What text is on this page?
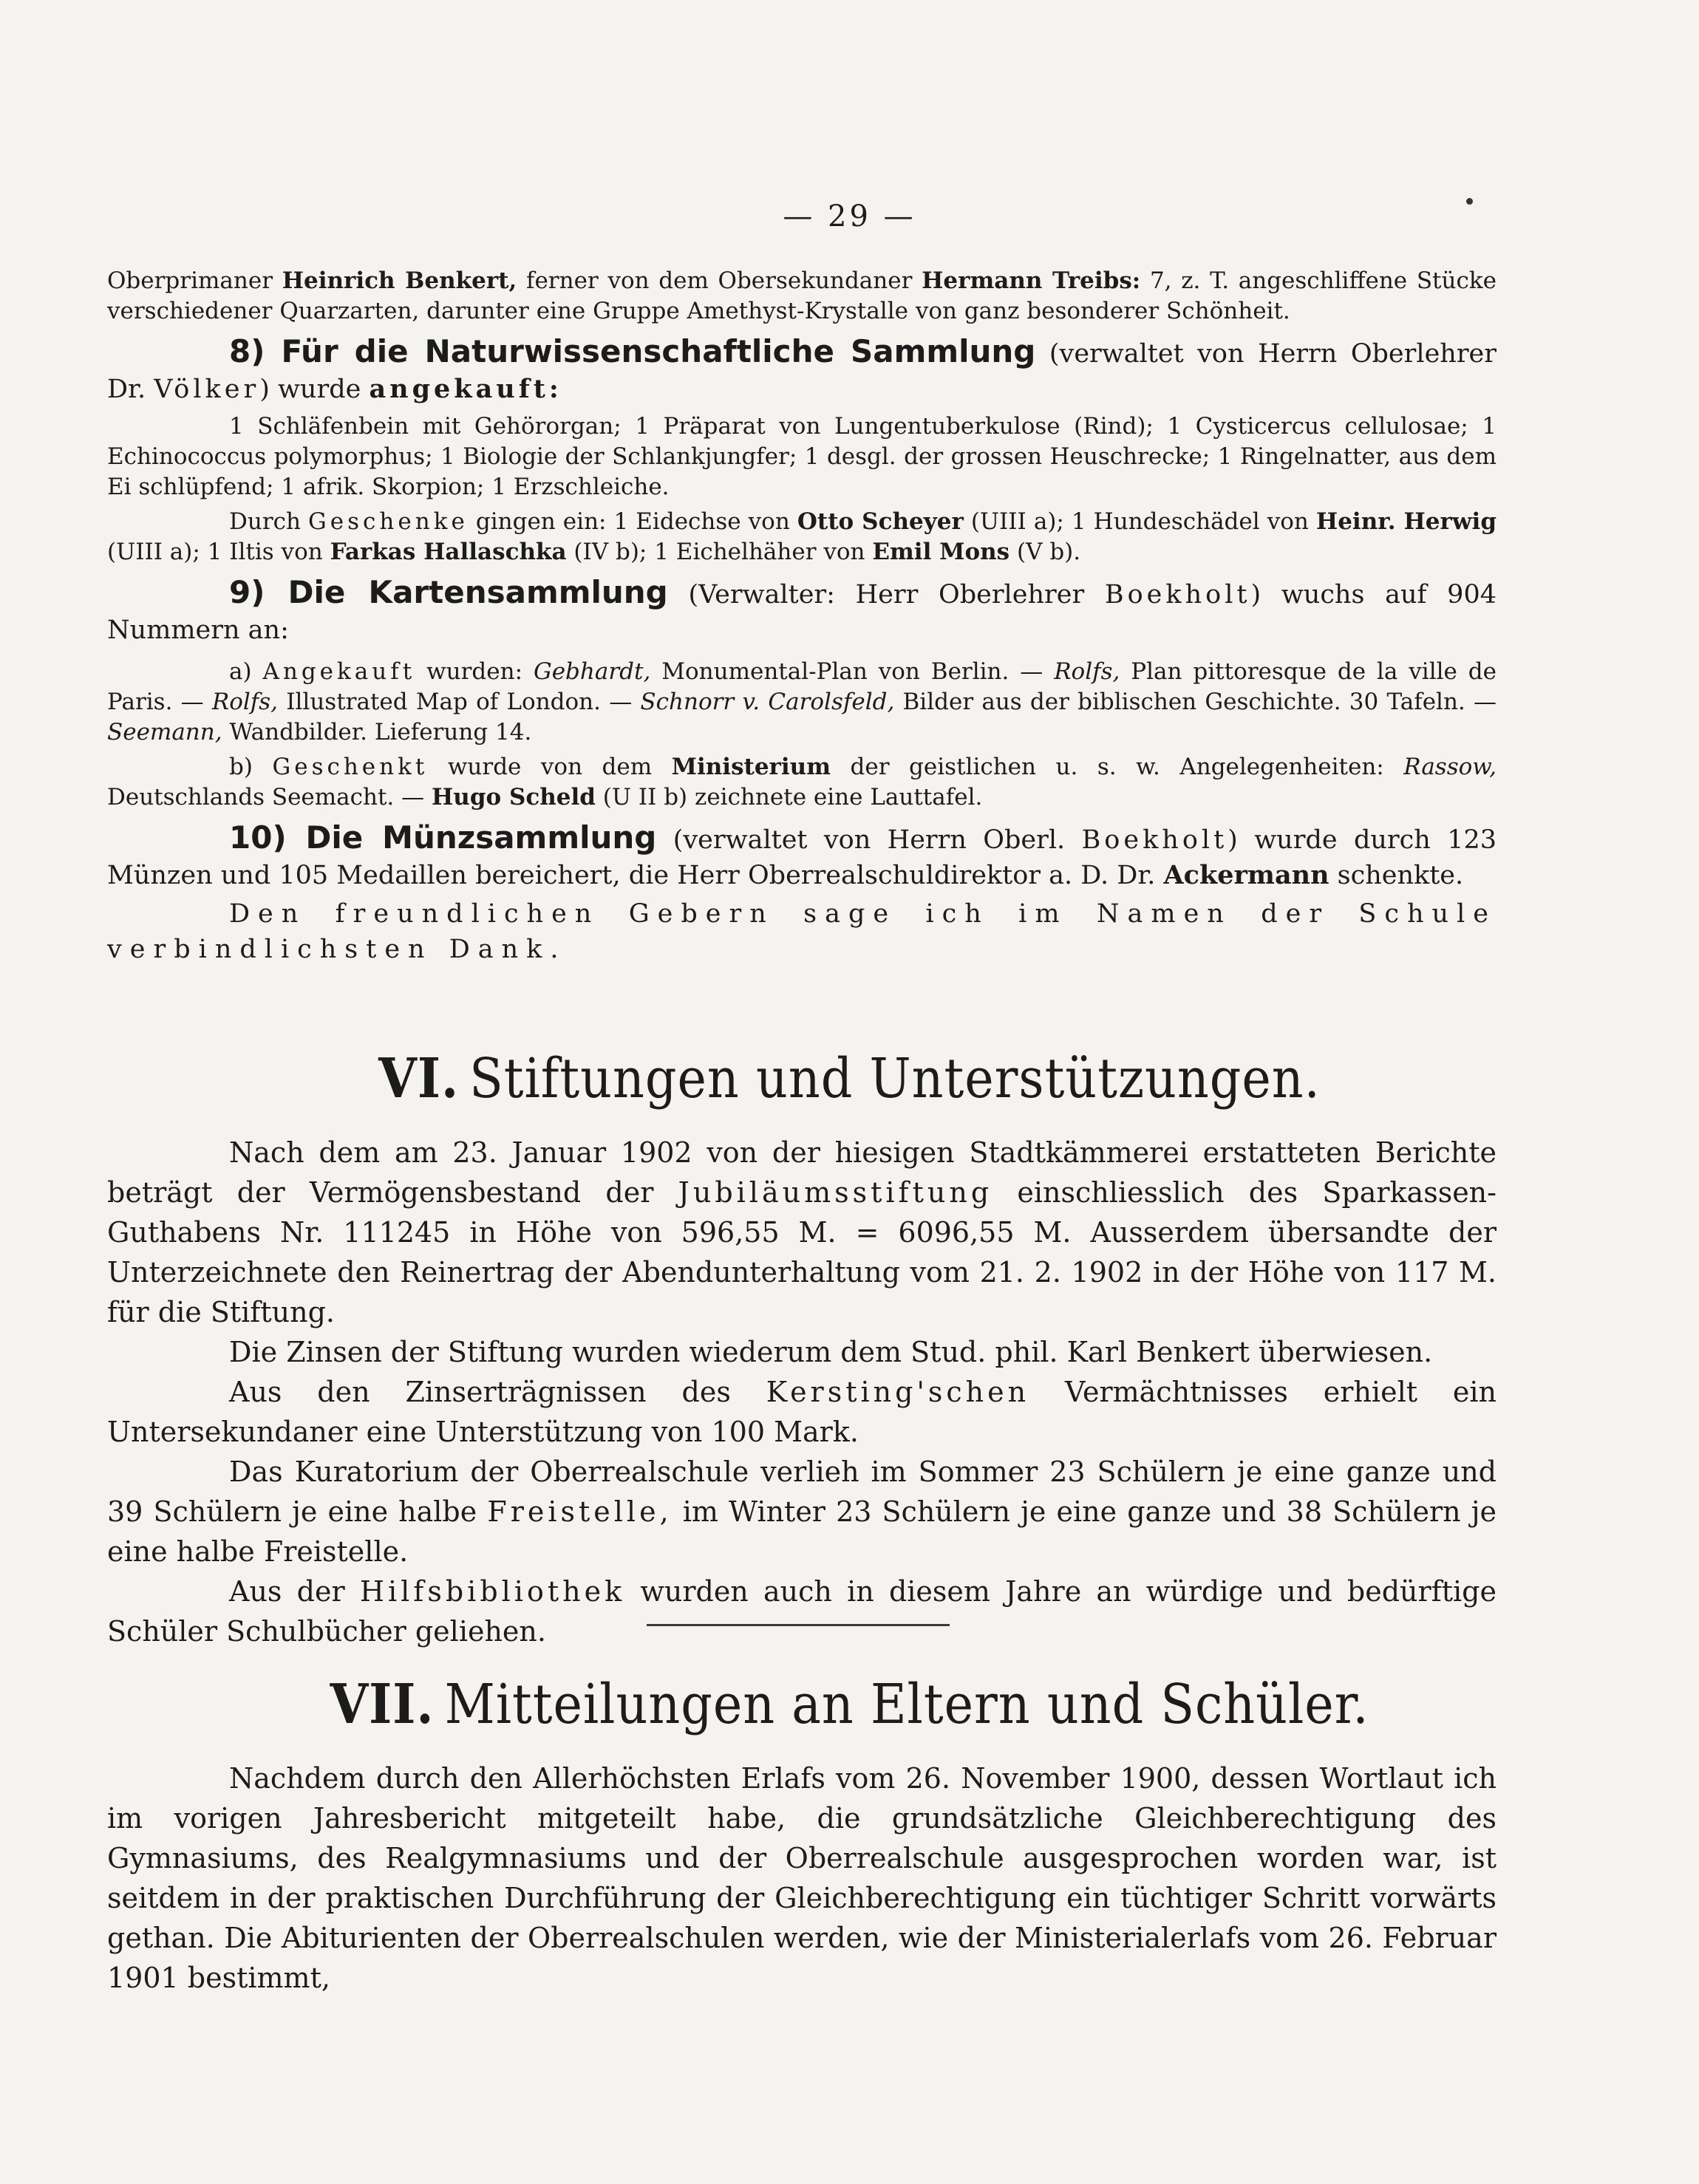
— 29 —

Oberprimaner Heinrich Benkert, ferner von dem Obersekundaner Hermann Treibs: 7, z. T. angeschliffene Stücke verschiedener Quarzarten, darunter eine Gruppe Amethyst-Krystalle von ganz besonderer Schönheit.

8) Für die Naturwissenschaftliche Sammlung (verwaltet von Herrn Oberlehrer Dr. Völker) wurde angekauft:

1 Schläfenbein mit Gehörorgan; 1 Präparat von Lungentuberkulose (Rind); 1 Cysticercus cellulosae; 1 Echinococcus polymorphus; 1 Biologie der Schlankjungfer; 1 desgl. der grossen Heuschrecke; 1 Ringelnatter, aus dem Ei schlüpfend; 1 afrik. Skorpion; 1 Erzschleiche.

Durch Geschenke gingen ein: 1 Eidechse von Otto Scheyer (UIII a); 1 Hundeschädel von Heinr. Herwig (UIII a); 1 Iltis von Farkas Hallaschka (IV b); 1 Eichelhäher von Emil Mons (V b).

9) Die Kartensammlung (Verwalter: Herr Oberlehrer Boekholt) wuchs auf 904 Nummern an:

a) Angekauft wurden: Gebhardt, Monumental-Plan von Berlin. — Rolfs, Plan pittoresque de la ville de Paris. — Rolfs, Illustrated Map of London. — Schnorr v. Carolsfeld, Bilder aus der biblischen Geschichte. 30 Tafeln. — Seemann, Wandbilder. Lieferung 14.

b) Geschenkt wurde von dem Ministerium der geistlichen u. s. w. Angelegenheiten: Rassow, Deutschlands Seemacht. — Hugo Scheld (U II b) zeichnete eine Lauttafel.

10) Die Münzsammlung (verwaltet von Herrn Oberl. Boekholt) wurde durch 123 Münzen und 105 Medaillen bereichert, die Herr Oberrealschuldirektor a. D. Dr. Ackermann schenkte.

Den freundlichen Gebern sage ich im Namen der Schule verbindlichsten Dank.

VI. Stiftungen und Unterstützungen.

Nach dem am 23. Januar 1902 von der hiesigen Stadtkämmerei erstatteten Berichte beträgt der Vermögensbestand der Jubiläumsstiftung einschliesslich des Sparkassen-Guthabens Nr. 111245 in Höhe von 596,55 M. = 6096,55 M. Ausserdem übersandte der Unterzeichnete den Reinertrag der Abendunterhaltung vom 21. 2. 1902 in der Höhe von 117 M. für die Stiftung.

Die Zinsen der Stiftung wurden wiederum dem Stud. phil. Karl Benkert überwiesen.

Aus den Zinserträgnissen des Kersting'schen Vermächtnisses erhielt ein Untersekundaner eine Unterstützung von 100 Mark.

Das Kuratorium der Oberrealschule verlieh im Sommer 23 Schülern je eine ganze und 39 Schülern je eine halbe Freistelle, im Winter 23 Schülern je eine ganze und 38 Schülern je eine halbe Freistelle.

Aus der Hilfsbibliothek wurden auch in diesem Jahre an würdige und bedürftige Schüler Schulbücher geliehen.

VII. Mitteilungen an Eltern und Schüler.

Nachdem durch den Allerhöchsten Erlafs vom 26. November 1900, dessen Wortlaut ich im vorigen Jahresbericht mitgeteilt habe, die grundsätzliche Gleichberechtigung des Gymnasiums, des Realgymnasiums und der Oberrealschule ausgesprochen worden war, ist seitdem in der praktischen Durchführung der Gleichberechtigung ein tüchtiger Schritt vorwärts gethan. Die Abiturienten der Oberrealschulen werden, wie der Ministerialerlafs vom 26. Februar 1901 bestimmt,
